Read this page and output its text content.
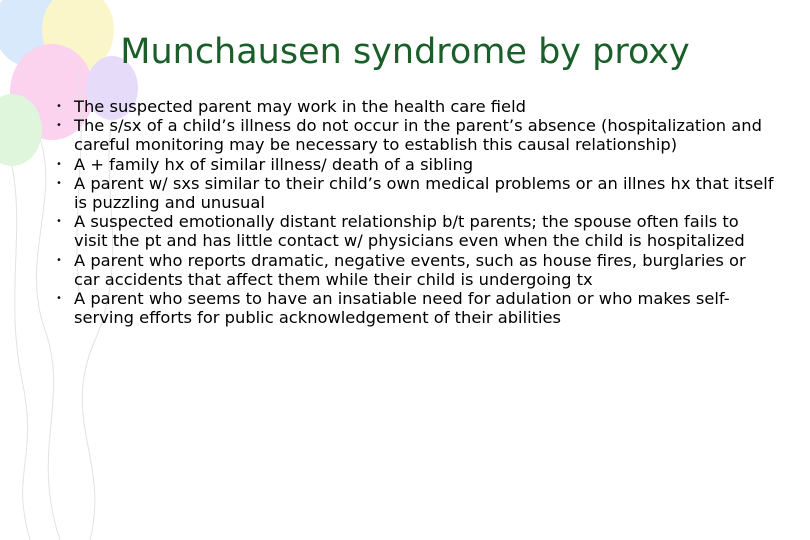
Munchausen syndrome by proxy
• The suspected parent may work in the health care field
• The s/sx of a child’s illness do not occur in the parent’s absence (hospitalization and careful monitoring may be necessary to establish this causal relationship)
• A + family hx of similar illness/ death of a sibling
• A parent w/ sxs similar to their child’s own medical problems or an illnes hx that itself is puzzling and unusual
• A suspected emotionally distant relationship b/t parents; the spouse often fails to visit the pt and has little contact w/ physicians even when the child is hospitalized
• A parent who reports dramatic, negative events, such as house fires, burglaries or car accidents that affect them while their child is undergoing tx
• A parent who seems to have an insatiable need for adulation or who makes self-serving efforts for public acknowledgement of their abilities
